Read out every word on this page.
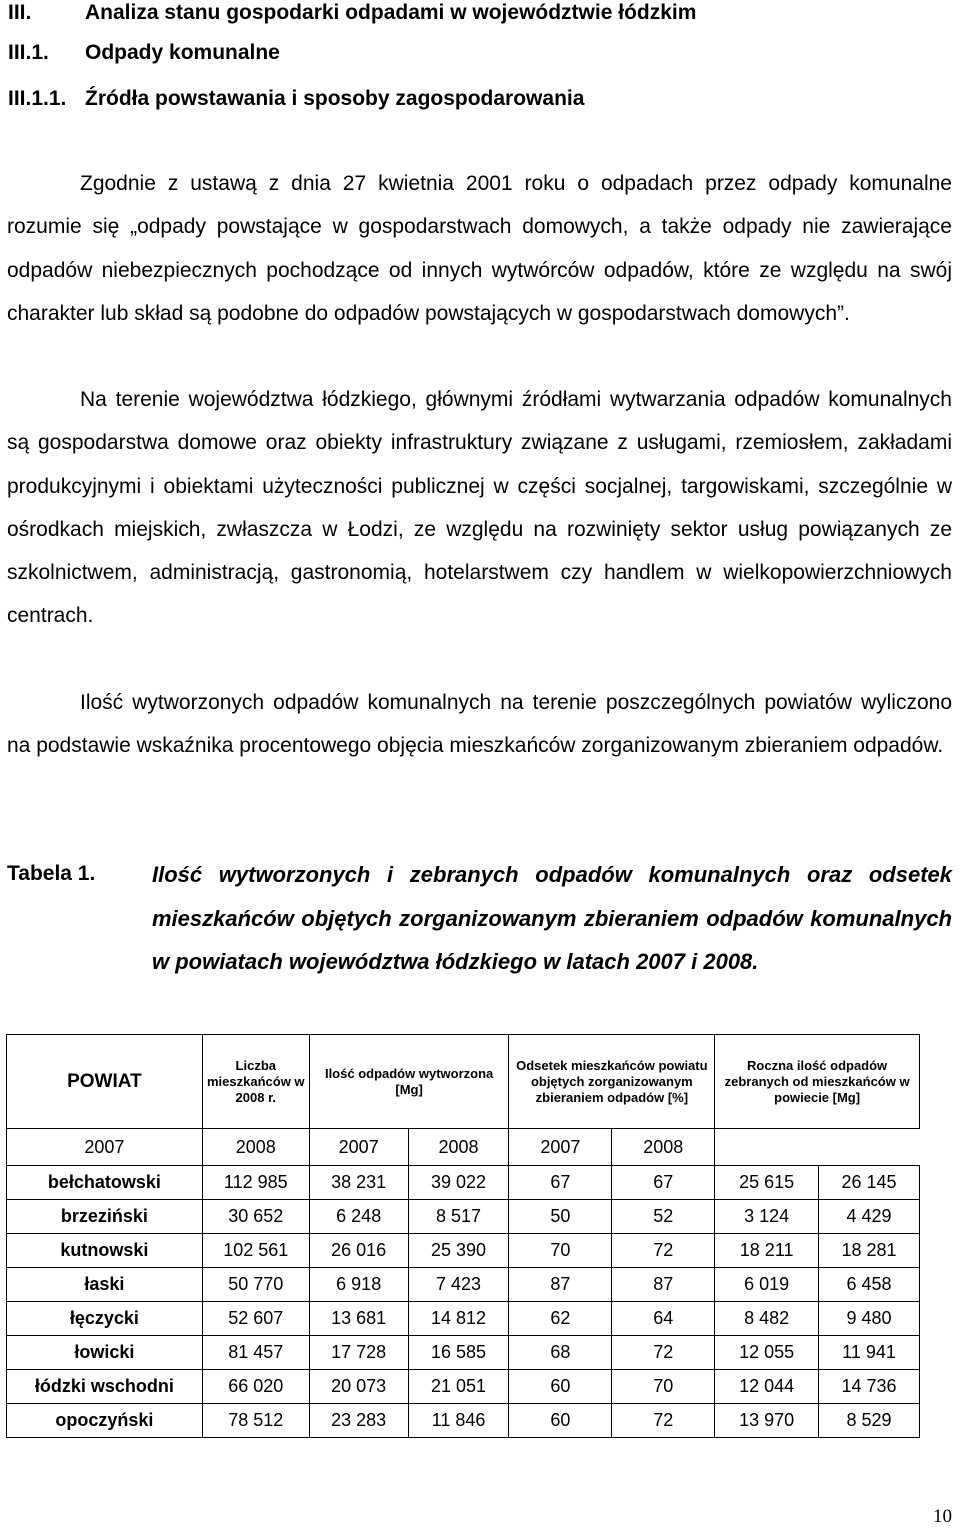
III.	Analiza stanu gospodarki odpadami w województwie łódzkim
III.1. Odpady komunalne
III.1.1. Źródła powstawania i sposoby zagospodarowania

Zgodnie z ustawą z dnia 27 kwietnia 2001 roku o odpadach przez odpady komunalne rozumie się „odpady powstające w gospodarstwach domowych, a także odpady nie zawierające odpadów niebezpiecznych pochodzące od innych wytwórców odpadów, które ze względu na swój charakter lub skład są podobne do odpadów powstających w gospodarstwach domowych”.

Na terenie województwa łódzkiego, głównymi źródłami wytwarzania odpadów komunalnych są gospodarstwa domowe oraz obiekty infrastruktury związane z usługami, rzemiosłem, zakładami produkcyjnymi i obiektami użyteczności publicznej w części socjalnej, targowiskami, szczególnie w ośrodkach miejskich, zwłaszcza w Łodzi, ze względu na rozwinięty sektor usług powiązanych ze szkolnictwem, administracją, gastronomią, hotelarstwem czy handlem w wielkopowierzchniowych centrach.

Ilość wytworzonych odpadów komunalnych na terenie poszczególnych powiatów wyliczono na podstawie wskaźnika procentowego objęcia mieszkańców zorganizowanym zbieraniem odpadów.

Tabela 1.	Ilość wytworzonych i zebranych odpadów komunalnych oraz odsetek mieszkańców objętych zorganizowanym zbieraniem odpadów komunalnych w powiatach województwa łódzkiego w latach 2007 i 2008.

POWIAT	Liczba mieszkańców w 2008 r.	Ilość odpadów wytworzona [Mg]		Odsetek mieszkańców powiatu objętych zorganizowanym zbieraniem odpadów [%]		Roczna ilość odpadów zebranych od mieszkańców w powiecie [Mg]	
2007	2008	2007	2008	2007	2008		
bełchatowski	112 985	38 231	39 022	67	67	25 615	26 145
brzeziński	30 652	6 248	8 517	50	52	3 124	4 429
kutnowski	102 561	26 016	25 390	70	72	18 211	18 281
łaski	50 770	6 918	7 423	87	87	6 019	6 458
łęczycki	52 607	13 681	14 812	62	64	8 482	9 480
łowicki	81 457	17 728	16 585	68	72	12 055	11 941
łódzki wschodni	66 020	20 073	21 051	60	70	12 044	14 736
opoczyński	78 512	23 283	11 846	60	72	13 970	8 529
10
